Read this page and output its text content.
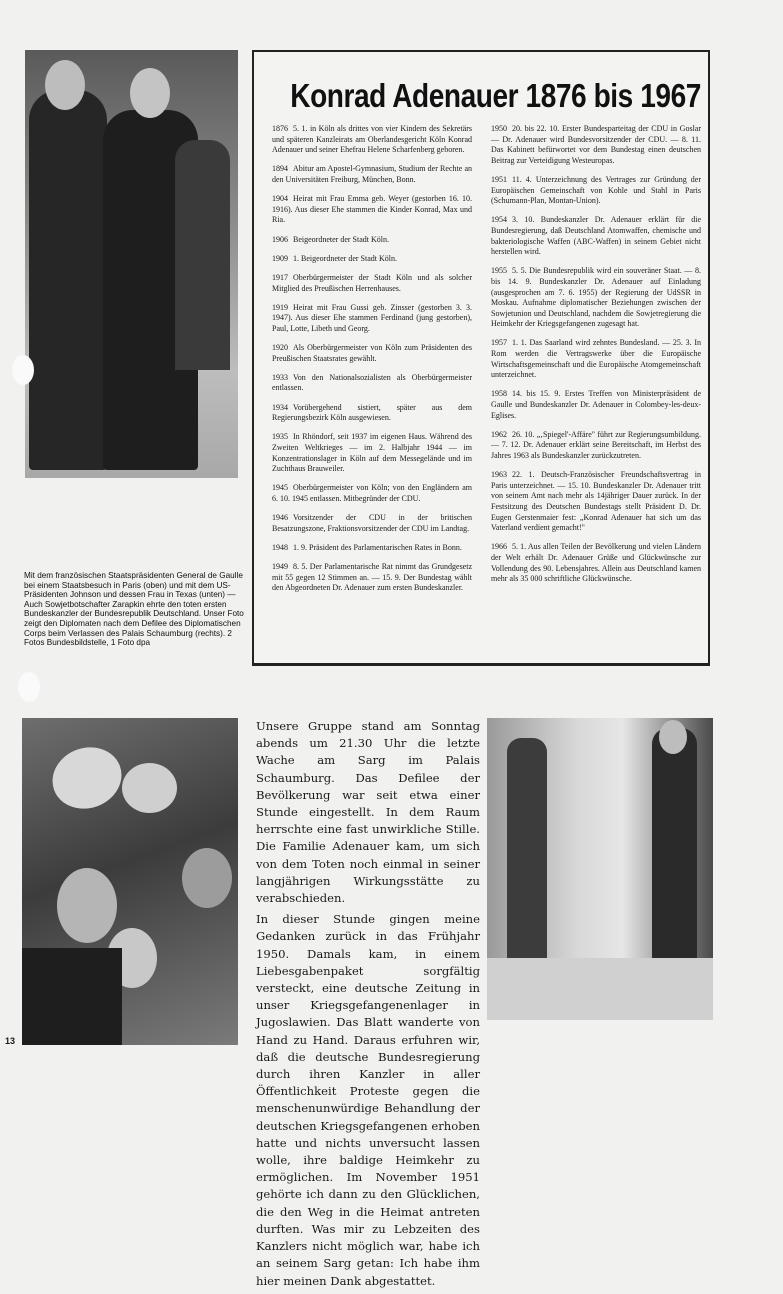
Mit dem französischen Staatspräsidenten General de Gaulle bei einem Staatsbesuch in Paris (oben) und mit dem US-Präsidenten Johnson und dessen Frau in Texas (unten) — Auch Sowjetbotschafter Zarapkin ehrte den toten ersten Bundeskanzler der Bundesrepublik Deutschland. Unser Foto zeigt den Diplomaten nach dem Defilee des Diplomatischen Corps beim Verlassen des Palais Schaumburg (rechts). 2 Fotos Bundesbildstelle, 1 Foto dpa
Konrad Adenauer 1876 bis 1967

1876 5. 1. in Köln als drittes von vier Kindern des Sekretärs und späteren Kanzleirats am Oberlandesgericht Köln Konrad Adenauer und seiner Ehefrau Helene Scharfenberg geboren.

1894 Abitur am Apostel-Gymnasium, Studium der Rechte an den Universitäten Freiburg, München, Bonn.

1904 Heirat mit Frau Emma geb. Weyer (gestorben 16. 10. 1916). Aus dieser Ehe stammen die Kinder Konrad, Max und Ria.

1906 Beigeordneter der Stadt Köln.

1909 1. Beigeordneter der Stadt Köln.

1917 Oberbürgermeister der Stadt Köln und als solcher Mitglied des Preußischen Herrenhauses.

1919 Heirat mit Frau Gussi geb. Zinsser (gestorben 3. 3. 1947). Aus dieser Ehe stammen Ferdinand (jung gestorben), Paul, Lotte, Libeth und Georg.

1920 Als Oberbürgermeister von Köln zum Präsidenten des Preußischen Staatsrates gewählt.

1933 Von den Nationalsozialisten als Oberbürgermeister entlassen.

1934 Vorübergehend sistiert, später aus dem Regierungsbezirk Köln ausgewiesen.

1935 In Rhöndorf, seit 1937 im eigenen Haus. Während des Zweiten Weltkrieges — im 2. Halbjahr 1944 — im Konzentrationslager in Köln auf dem Messegelände und im Zuchthaus Brauweiler.

1945 Oberbürgermeister von Köln; von den Engländern am 6. 10. 1945 entlassen. Mitbegründer der CDU.

1946 Vorsitzender der CDU in der britischen Besatzungszone, Fraktionsvorsitzender der CDU im Landtag.

1948 1. 9. Präsident des Parlamentarischen Rates in Bonn.

1949 8. 5. Der Parlamentarische Rat nimmt das Grundgesetz mit 55 gegen 12 Stimmen an. — 15. 9. Der Bundestag wählt den Abgeordneten Dr. Adenauer zum ersten Bundeskanzler.

1950 20. bis 22. 10. Erster Bundesparteitag der CDU in Goslar — Dr. Adenauer wird Bundesvorsitzender der CDU. — 8. 11. Das Kabinett befürwortet vor dem Bundestag einen deutschen Beitrag zur Verteidigung Westeuropas.

1951 11. 4. Unterzeichnung des Vertrages zur Gründung der Europäischen Gemeinschaft von Kohle und Stahl in Paris (Schumann-Plan, Montan-Union).

1954 3. 10. Bundeskanzler Dr. Adenauer erklärt für die Bundesregierung, daß Deutschland Atomwaffen, chemische und bakteriologische Waffen (ABC-Waffen) in seinem Gebiet nicht herstellen wird.

1955 5. 5. Die Bundesrepublik wird ein souveräner Staat. — 8. bis 14. 9. Bundeskanzler Dr. Adenauer auf Einladung (ausgesprochen am 7. 6. 1955) der Regierung der UdSSR in Moskau. Aufnahme diplomatischer Beziehungen zwischen der Sowjetunion und Deutschland, nachdem die Sowjetregierung die Heimkehr der Kriegsgefangenen zugesagt hat.

1957 1. 1. Das Saarland wird zehntes Bundesland. — 25. 3. In Rom werden die Vertragswerke über die Europäische Wirtschaftsgemeinschaft und die Europäische Atomgemeinschaft unterzeichnet.

1958 14. bis 15. 9. Erstes Treffen von Ministerpräsident de Gaulle und Bundeskanzler Dr. Adenauer in Colombey-les-deux-Eglises.

1962 26. 10. „‚Spiegel'-Affäre" führt zur Regierungsumbildung. — 7. 12. Dr. Adenauer erklärt seine Bereitschaft, im Herbst des Jahres 1963 als Bundeskanzler zurückzutreten.

1963 22. 1. Deutsch-Französischer Freundschaftsvertrag in Paris unterzeichnet. — 15. 10. Bundeskanzler Dr. Adenauer tritt von seinem Amt nach mehr als 14jähriger Dauer zurück. In der Festsitzung des Deutschen Bundestags stellt Präsident D. Dr. Eugen Gerstenmaier fest: „Konrad Adenauer hat sich um das Vaterland verdient gemacht!"

1966 5. 1. Aus allen Teilen der Bevölkerung und vielen Ländern der Welt erhält Dr. Adenauer Grüße und Glückwünsche zur Vollendung des 90. Lebensjahres. Allein aus Deutschland kamen mehr als 35 000 schriftliche Glückwünsche.

Unsere Gruppe stand am Sonntag abends um 21.30 Uhr die letzte Wache am Sarg im Palais Schaumburg. Das Defilee der Bevölkerung war seit etwa einer Stunde eingestellt. In dem Raum herrschte eine fast unwirkliche Stille. Die Familie Adenauer kam, um sich von dem Toten noch einmal in seiner langjährigen Wirkungsstätte zu verabschieden.

In dieser Stunde gingen meine Gedanken zurück in das Frühjahr 1950. Damals kam, in einem Liebesgabenpaket sorgfältig versteckt, eine deutsche Zeitung in unser Kriegsgefangenenlager in Jugoslawien. Das Blatt wanderte von Hand zu Hand. Daraus erfuhren wir, daß die deutsche Bundesregierung durch ihren Kanzler in aller Öffentlichkeit Proteste gegen die menschenunwürdige Behandlung der deutschen Kriegsgefangenen erhoben hatte und nichts unversucht lassen wolle, ihre baldige Heimkehr zu ermöglichen. Im November 1951 gehörte ich dann zu den Glücklichen, die den Weg in die Heimat antreten durften. Was mir zu Lebzeiten des Kanzlers nicht möglich war, habe ich an seinem Sarg getan: Ich habe ihm hier meinen Dank abgestattet.

13
